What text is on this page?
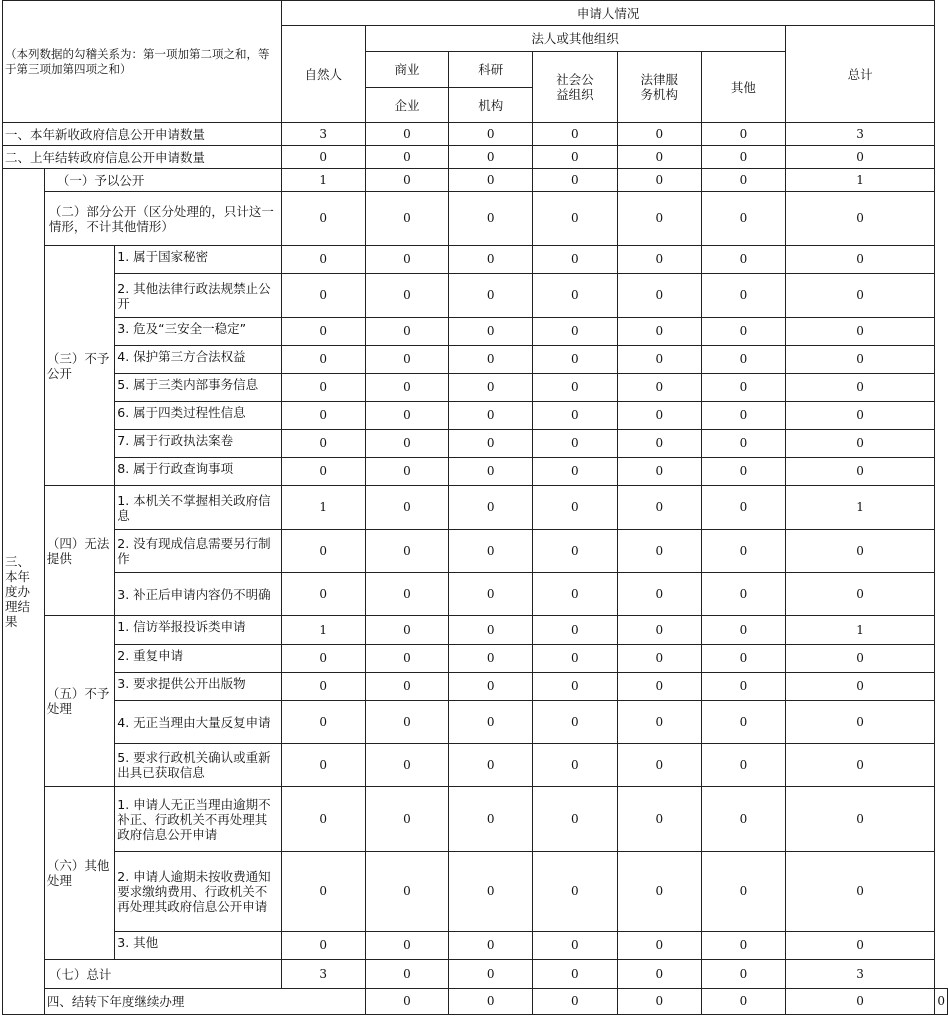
（本列数据的勾稽关系为：第一项加第二项之和，等于第三项加第四项之和）			申请人情况							
			自然人	法人或其他组织					总计	
				商业	科研	社会公益组织	法律服务机构	其他		
				企业	机构					
一、本年新收政府信息公开申请数量			3	0	0	0	0	0	3	
二、上年结转政府信息公开申请数量			0	0	0	0	0	0	0	
三、本年度办理结果	（一）予以公开		1	0	0	0	0	0	1	
	（二）部分公开（区分处理的，只计这一情形，不计其他情形）		0	0	0	0	0	0	0	
	（三）不予公开	1. 属于国家秘密	0	0	0	0	0	0	0	
		2. 其他法律行政法规禁止公开	0	0	0	0	0	0	0	
		3. 危及“三安全一稳定”	0	0	0	0	0	0	0	
		4. 保护第三方合法权益	0	0	0	0	0	0	0	
		5. 属于三类内部事务信息	0	0	0	0	0	0	0	
		6. 属于四类过程性信息	0	0	0	0	0	0	0	
		7. 属于行政执法案卷	0	0	0	0	0	0	0	
		8. 属于行政查询事项	0	0	0	0	0	0	0	
	（四）无法提供	1. 本机关不掌握相关政府信息	1	0	0	0	0	0	1	
		2. 没有现成信息需要另行制作	0	0	0	0	0	0	0	
		3. 补正后申请内容仍不明确	0	0	0	0	0	0	0	
	（五）不予处理	1. 信访举报投诉类申请	1	0	0	0	0	0	1	
		2. 重复申请	0	0	0	0	0	0	0	
		3. 要求提供公开出版物	0	0	0	0	0	0	0	
		4. 无正当理由大量反复申请	0	0	0	0	0	0	0	
		5. 要求行政机关确认或重新出具已获取信息	0	0	0	0	0	0	0	
	（六）其他处理	1. 申请人无正当理由逾期不补正、行政机关不再处理其政府信息公开申请	0	0	0	0	0	0	0	
		2. 申请人逾期未按收费通知要求缴纳费用、行政机关不再处理其政府信息公开申请	0	0	0	0	0	0	0	
		3. 其他	0	0	0	0	0	0	0	
	（七）总计		3	0	0	0	0	0	3	
	四、结转下年度继续办理			0	0	0	0	0	0	0
